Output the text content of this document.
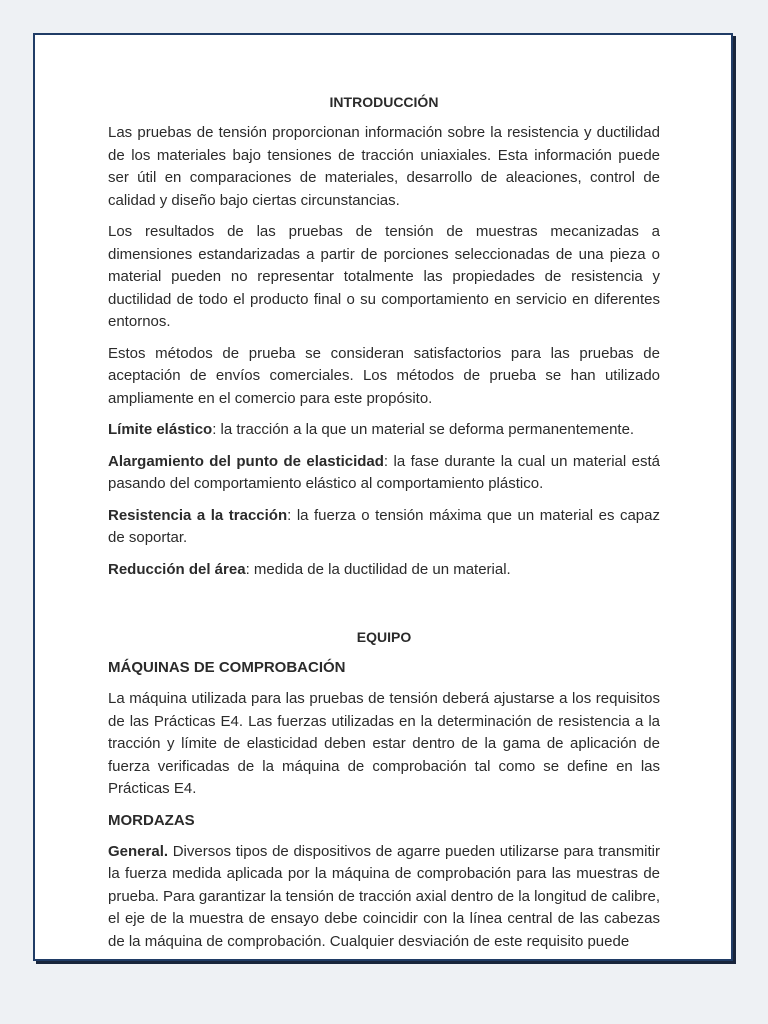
INTRODUCCIÓN

Las pruebas de tensión proporcionan información sobre la resistencia y ductilidad de los materiales bajo tensiones de tracción uniaxiales. Esta información puede ser útil en comparaciones de materiales, desarrollo de aleaciones, control de calidad y diseño bajo ciertas circunstancias.

Los resultados de las pruebas de tensión de muestras mecanizadas a dimensiones estandarizadas a partir de porciones seleccionadas de una pieza o material pueden no representar totalmente las propiedades de resistencia y ductilidad de todo el producto final o su comportamiento en servicio en diferentes entornos.

Estos métodos de prueba se consideran satisfactorios para las pruebas de aceptación de envíos comerciales. Los métodos de prueba se han utilizado ampliamente en el comercio para este propósito.

Límite elástico: la tracción a la que un material se deforma permanentemente.

Alargamiento del punto de elasticidad: la fase durante la cual un material está pasando del comportamiento elástico al comportamiento plástico.

Resistencia a la tracción: la fuerza o tensión máxima que un material es capaz de soportar.

Reducción del área: medida de la ductilidad de un material.

EQUIPO
MÁQUINAS DE COMPROBACIÓN

La máquina utilizada para las pruebas de tensión deberá ajustarse a los requisitos de las Prácticas E4. Las fuerzas utilizadas en la determinación de resistencia a la tracción y límite de elasticidad deben estar dentro de la gama de aplicación de fuerza verificadas de la máquina de comprobación tal como se define en las Prácticas E4.

MORDAZAS

General. Diversos tipos de dispositivos de agarre pueden utilizarse para transmitir la fuerza medida aplicada por la máquina de comprobación para las muestras de prueba. Para garantizar la tensión de tracción axial dentro de la longitud de calibre, el eje de la muestra de ensayo debe coincidir con la línea central de las cabezas de la máquina de comprobación. Cualquier desviación de este requisito puede
